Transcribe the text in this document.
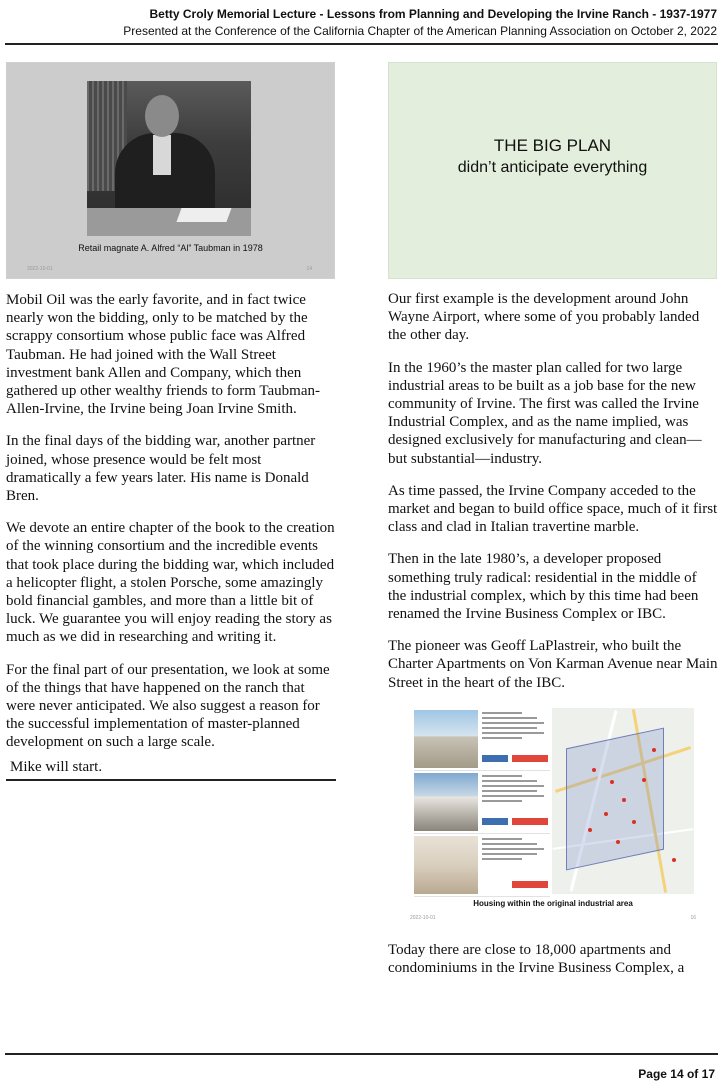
Betty Croly Memorial Lecture - Lessons from Planning and Developing the Irvine Ranch - 1937-1977
Presented at the Conference of the California Chapter of the American Planning Association on October 2, 2022
Retail magnate A. Alfred “Al” Taubman in 1978
2022-10-01	14

Mobil Oil was the early favorite, and in fact twice nearly won the bidding, only to be matched by the scrappy consortium whose public face was Alfred Taubman. He had joined with the Wall Street investment bank Allen and Company, which then gathered up other wealthy friends to form Taubman-Allen-Irvine, the Irvine being Joan Irvine Smith.

In the final days of the bidding war, another partner joined, whose presence would be felt most dramatically a few years later. His name is Donald Bren.

We devote an entire chapter of the book to the creation of the winning consortium and the incredible events that took place during the bidding war, which included a helicopter flight, a stolen Porsche, some amazingly bold financial gambles, and more than a little bit of luck. We guarantee you will enjoy reading the story as much as we did in researching and writing it.

For the final part of our presentation, we look at some of the things that have happened on the ranch that were never anticipated. We also suggest a reason for the successful implementation of master-planned development on such a large scale.

Mike will start.

THE BIG PLAN
didn’t anticipate everything

Our first example is the development around John Wayne Airport, where some of you probably landed the other day.

In the 1960’s the master plan called for two large industrial areas to be built as a job base for the new community of Irvine. The first was called the Irvine Industrial Complex, and as the name implied, was designed exclusively for manufacturing and clean—but substantial—industry.

As time passed, the Irvine Company acceded to the market and began to build office space, much of it first class and clad in Italian travertine marble.

Then in the late 1980’s, a developer proposed something truly radical: residential in the middle of the industrial complex, which by this time had been renamed the Irvine Business Complex or IBC.

The pioneer was Geoff LaPlastreir, who built the Charter Apartments on Von Karman Avenue near Main Street in the heart of the IBC.

Housing within the original industrial area
2022-10-01	16

Today there are close to 18,000 apartments and condominiums in the Irvine Business Complex, a

Page 14 of 17
